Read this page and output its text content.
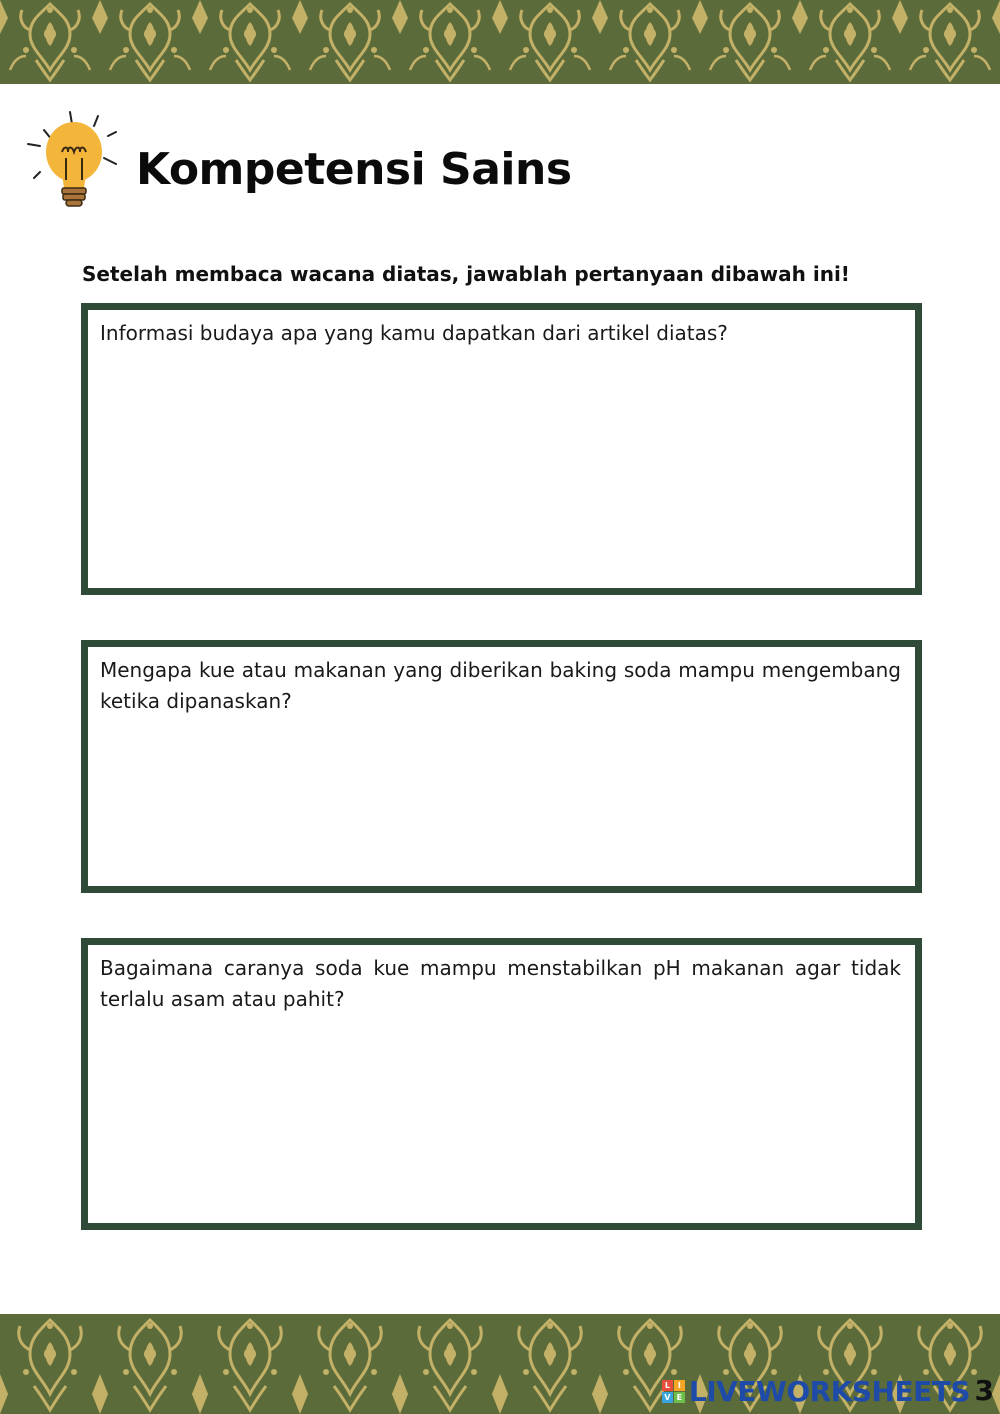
Kompetensi Sains

Setelah membaca wacana diatas, jawablah pertanyaan dibawah ini!

Informasi budaya apa yang kamu dapatkan dari artikel diatas?

Mengapa kue atau makanan yang diberikan baking soda mampu mengembang ketika dipanaskan?

Bagaimana caranya soda kue mampu menstabilkan pH makanan agar tidak terlalu asam atau pahit?

L I
V E LIVEWORKSHEETS 3
